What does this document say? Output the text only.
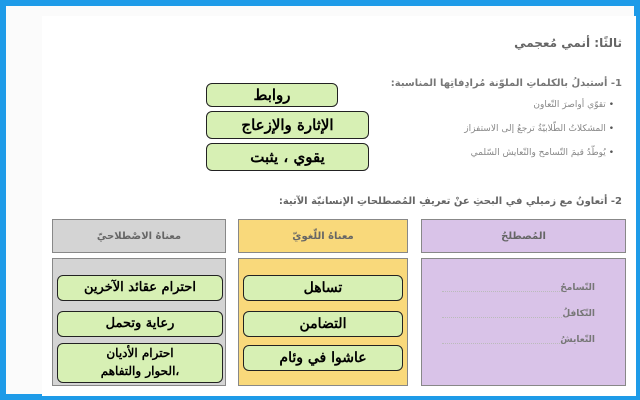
ثالثًا: أنمي مُعجمي
1- أستبدلُ بالكلماتِ الملوّنة مُرادِفاتِها المناسبة:
• تقوّي أواصرَ التّعاون
• المشكلاتُ الطّلابيّةُ ترجعُ إلى الاستفزاز
• يُوطّدُ قيمَ التّسامح والتّعايش السّلمي
روابط
الإثارة والإزعاج
يقوي ، يثبت
2- أتعاونُ مع زميلي في البحثِ عنْ تعريفِ المُصطلحاتِ الإنسانيّة الآتية:
المُصطلحُ
معناهُ اللّغويّ
معناهُ الاصْطلاحيّ
التّسامحُ
التّكافلُ
التّعايشُ
تساهل
التضامن
عاشوا في وئام
احترام عقائد الآخرين
رعاية وتحمل
احترام الأديان
،الحوار والتفاهم
